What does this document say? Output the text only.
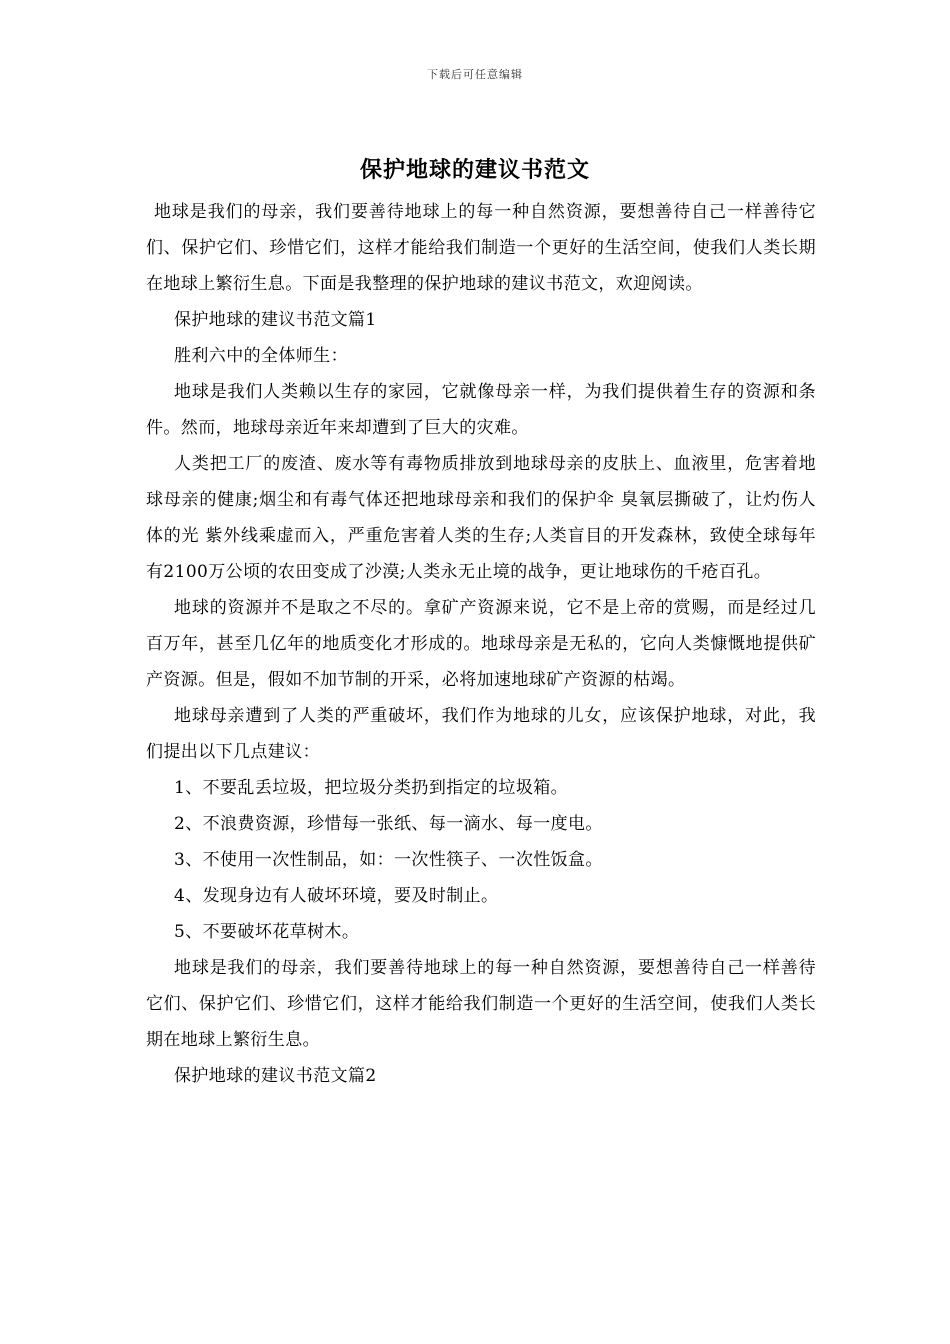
下载后可任意编辑
保护地球的建议书范文

地球是我们的母亲，我们要善待地球上的每一种自然资源，要想善待自己一样善待它们、保护它们、珍惜它们，这样才能给我们制造一个更好的生活空间，使我们人类长期在地球上繁衍生息。下面是我整理的保护地球的建议书范文，欢迎阅读。

保护地球的建议书范文篇1

胜利六中的全体师生：

地球是我们人类赖以生存的家园，它就像母亲一样，为我们提供着生存的资源和条件。然而，地球母亲近年来却遭到了巨大的灾难。

人类把工厂的废渣、废水等有毒物质排放到地球母亲的皮肤上、血液里，危害着地球母亲的健康;烟尘和有毒气体还把地球母亲和我们的保护伞 臭氧层撕破了，让灼伤人体的光 紫外线乘虚而入，严重危害着人类的生存;人类盲目的开发森林，致使全球每年有2100万公顷的农田变成了沙漠;人类永无止境的战争，更让地球伤的千疮百孔。

地球的资源并不是取之不尽的。拿矿产资源来说，它不是上帝的赏赐，而是经过几百万年，甚至几亿年的地质变化才形成的。地球母亲是无私的，它向人类慷慨地提供矿产资源。但是，假如不加节制的开采，必将加速地球矿产资源的枯竭。

地球母亲遭到了人类的严重破坏，我们作为地球的儿女，应该保护地球，对此，我们提出以下几点建议：

1、不要乱丢垃圾，把垃圾分类扔到指定的垃圾箱。

2、不浪费资源，珍惜每一张纸、每一滴水、每一度电。

3、不使用一次性制品，如：一次性筷子、一次性饭盒。

4、发现身边有人破坏环境，要及时制止。

5、不要破坏花草树木。

地球是我们的母亲，我们要善待地球上的每一种自然资源，要想善待自己一样善待它们、保护它们、珍惜它们，这样才能给我们制造一个更好的生活空间，使我们人类长期在地球上繁衍生息。

保护地球的建议书范文篇2
